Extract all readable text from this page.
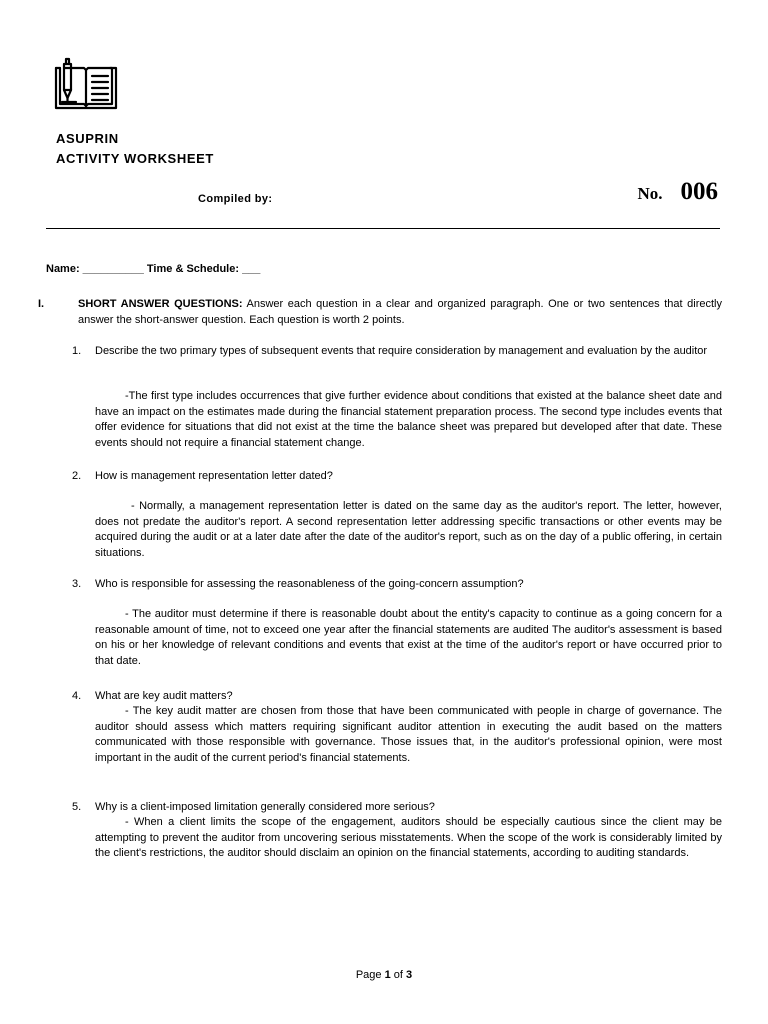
ASUPRIN
ACTIVITY WORKSHEET
Compiled by:	No. 006
Name: __________ Time & Schedule: ___
I.	SHORT ANSWER QUESTIONS: Answer each question in a clear and organized paragraph. One or two sentences that directly answer the short-answer question. Each question is worth 2 points.
1. Describe the two primary types of subsequent events that require consideration by management and evaluation by the auditor
-The first type includes occurrences that give further evidence about conditions that existed at the balance sheet date and have an impact on the estimates made during the financial statement preparation process. The second type includes events that offer evidence for situations that did not exist at the time the balance sheet was prepared but developed after that date. These events should not require a financial statement change.
2. How is management representation letter dated?
- Normally, a management representation letter is dated on the same day as the auditor's report. The letter, however, does not predate the auditor's report. A second representation letter addressing specific transactions or other events may be acquired during the audit or at a later date after the date of the auditor's report, such as on the day of a public offering, in certain situations.
3. Who is responsible for assessing the reasonableness of the going-concern assumption?
- The auditor must determine if there is reasonable doubt about the entity's capacity to continue as a going concern for a reasonable amount of time, not to exceed one year after the financial statements are audited The auditor's assessment is based on his or her knowledge of relevant conditions and events that exist at the time of the auditor's report or have occurred prior to that date.
4. What are key audit matters?
- The key audit matter are chosen from those that have been communicated with people in charge of governance. The auditor should assess which matters requiring significant auditor attention in executing the audit based on the matters communicated with those responsible with governance. Those issues that, in the auditor's professional opinion, were most important in the audit of the current period's financial statements.
5. Why is a client-imposed limitation generally considered more serious?
- When a client limits the scope of the engagement, auditors should be especially cautious since the client may be attempting to prevent the auditor from uncovering serious misstatements. When the scope of the work is considerably limited by the client's restrictions, the auditor should disclaim an opinion on the financial statements, according to auditing standards.
Page 1 of 3
